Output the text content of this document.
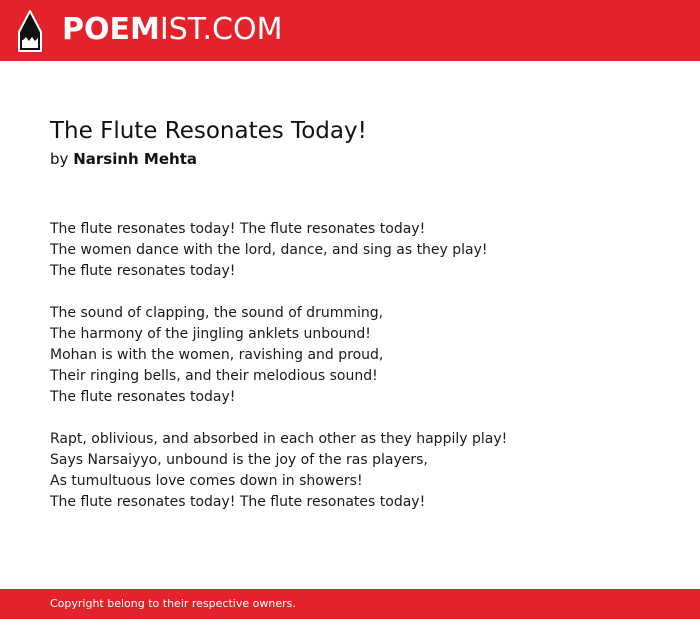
POEMIST.COM
The Flute Resonates Today!
by Narsinh Mehta
The flute resonates today! The flute resonates today!
The women dance with the lord, dance, and sing as they play!
The flute resonates today!
The sound of clapping, the sound of drumming,
The harmony of the jingling anklets unbound!
Mohan is with the women, ravishing and proud,
Their ringing bells, and their melodious sound!
The flute resonates today!
Rapt, oblivious, and absorbed in each other as they happily play!
Says Narsaiyyo, unbound is the joy of the ras players,
As tumultuous love comes down in showers!
The flute resonates today! The flute resonates today!
Copyright belong to their respective owners.
